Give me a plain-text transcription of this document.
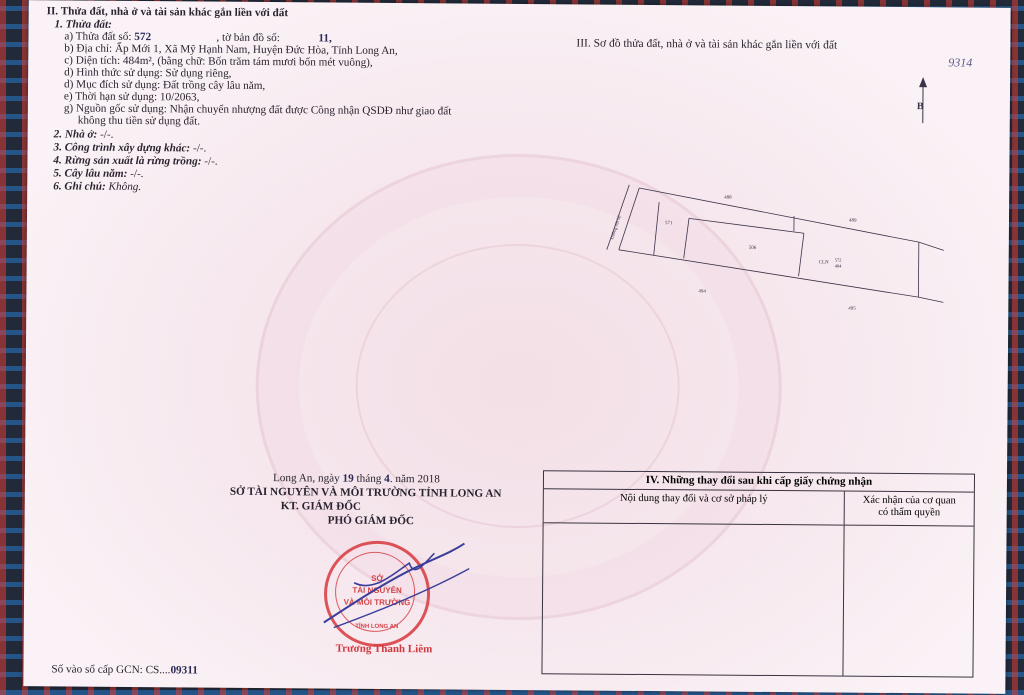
II. Thửa đất, nhà ở và tài sản khác gắn liền với đất
1. Thửa đất:
a) Thửa đất số: 572	, tờ bản đồ số:	11,
b) Địa chỉ: Ấp Mới 1, Xã Mỹ Hạnh Nam, Huyện Đức Hòa, Tỉnh Long An,
c) Diện tích: 484m², (bằng chữ: Bốn trăm tám mươi bốn mét vuông),
d) Hình thức sử dụng: Sử dụng riêng,
d) Mục đích sử dụng: Đất trồng cây lâu năm,
e) Thời hạn sử dụng: 10/2063,
g) Nguồn gốc sử dụng: Nhận chuyển nhượng đất được Công nhận QSDĐ như giao đất
không thu tiền sử dụng đất.
2. Nhà ở: -/-.
3. Công trình xây dựng khác: -/-.
4. Rừng sản xuất là rừng trồng: -/-.
5. Cây lâu năm: -/-.
6. Ghi chú: Không.
III. Sơ đồ thửa đất, nhà ở và tài sản khác gắn liền với đất
9314
488
489
571
506
CLN
572
484
494
495
Đường nội bộ
B
Long An, ngày 19 tháng 4. năm 2018
SỞ TÀI NGUYÊN VÀ MÔI TRƯỜNG TỈNH LONG AN
KT. GIÁM ĐỐC
PHÓ GIÁM ĐỐC
SỞ
TÀI NGUYÊN
VÀ MÔI TRƯỜNG
TỈNH LONG AN
Trương Thanh Liêm
Số vào sổ cấp GCN: CS....09311
IV. Những thay đổi sau khi cấp giấy chứng nhận
Nội dung thay đổi và cơ sở pháp lý	Xác nhận của cơ quan
có thẩm quyền
